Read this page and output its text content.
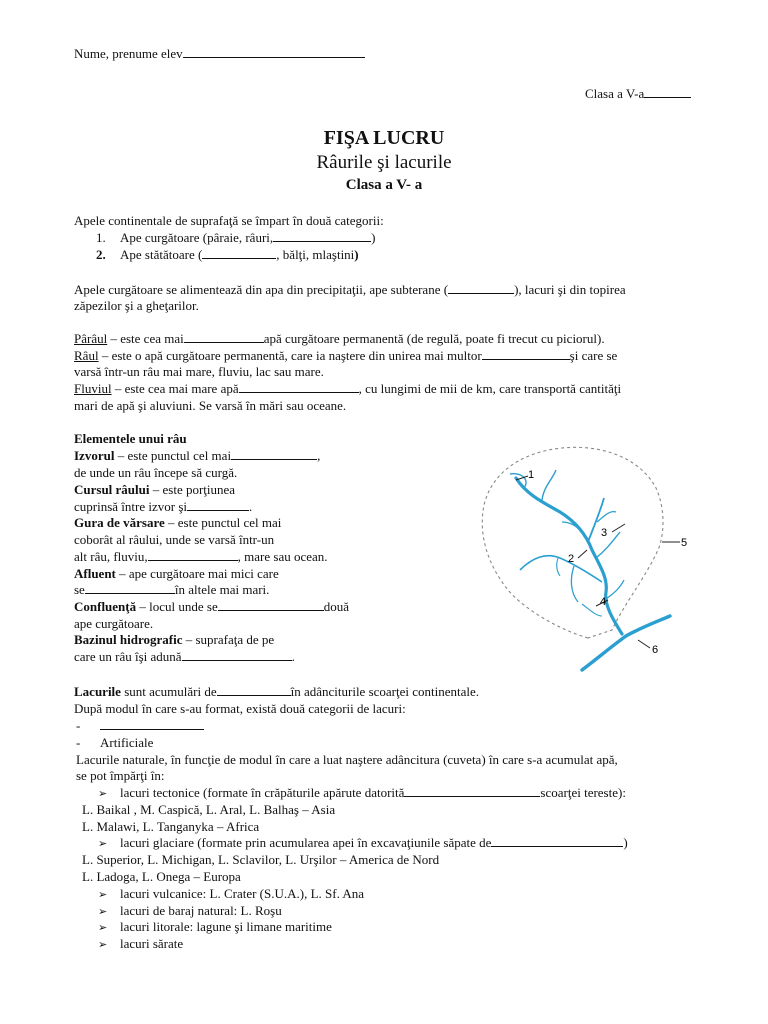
Nume, prenume elev
Clasa a V-a
FIŞA LUCRU
Râurile şi lacurile
Clasa a V- a
Apele continentale de suprafaţă se împart în două categorii:
1. Ape curgătoare (pâraie, râuri,	)
2. Ape stătătoare (	, bălţi, mlaştini)
Apele curgătoare se alimentează din apa din precipitaţii, ape subterane (	), lacuri şi din topirea
zăpezilor şi a gheţarilor.
Pârâul – este cea mai	apă curgătoare permanentă (de regulă, poate fi trecut cu piciorul).
Râul – este o apă curgătoare permanentă, care ia naştere din unirea mai multor	şi care se
varsă într-un râu mai mare, fluviu, lac sau mare.
Fluviul – este cea mai mare apă	, cu lungimi de mii de km, care transportă cantităţi
mari de apă şi aluviuni. Se varsă în mări sau oceane.
Elementele unui râu
Izvorul – este punctul cel mai	,
de unde un râu începe să curgă.
Cursul râului – este porţiunea
cuprinsă între izvor şi	.
Gura de vărsare – este punctul cel mai
coborât al râului, unde se varsă într-un
alt râu, fluviu,	, mare sau ocean.
Afluent – ape curgătoare mai mici care
se	în altele mai mari.
Confluenţă – locul unde se	două
ape curgătoare.
Bazinul hidrografic – suprafaţa de pe
care un râu îşi adună	.
1
2
3
4
5
6
Lacurile sunt acumulări de	în adânciturile scoarţei continentale.
După modul în care s-au format, există două categorii de lacuri:
-
- Artificiale
Lacurile naturale, în funcţie de modul în care a luat naştere adâncitura (cuveta) în care s-a acumulat apă,
se pot împărţi în:
➢ lacuri tectonice (formate în crăpăturile apărute datorită	scoarţei tereste):
L. Baikal , M. Caspică, L. Aral, L. Balhaş – Asia
L. Malawi, L. Tanganyka – Africa
➢ lacuri glaciare (formate prin acumularea apei în excavaţiunile săpate de	)
L. Superior, L. Michigan, L. Sclavilor, L. Urşilor – America de Nord
L. Ladoga, L. Onega – Europa
➢ lacuri vulcanice: L. Crater (S.U.A.), L. Sf. Ana
➢ lacuri de baraj natural: L. Roşu
➢ lacuri litorale: lagune şi limane maritime
➢ lacuri sărate
